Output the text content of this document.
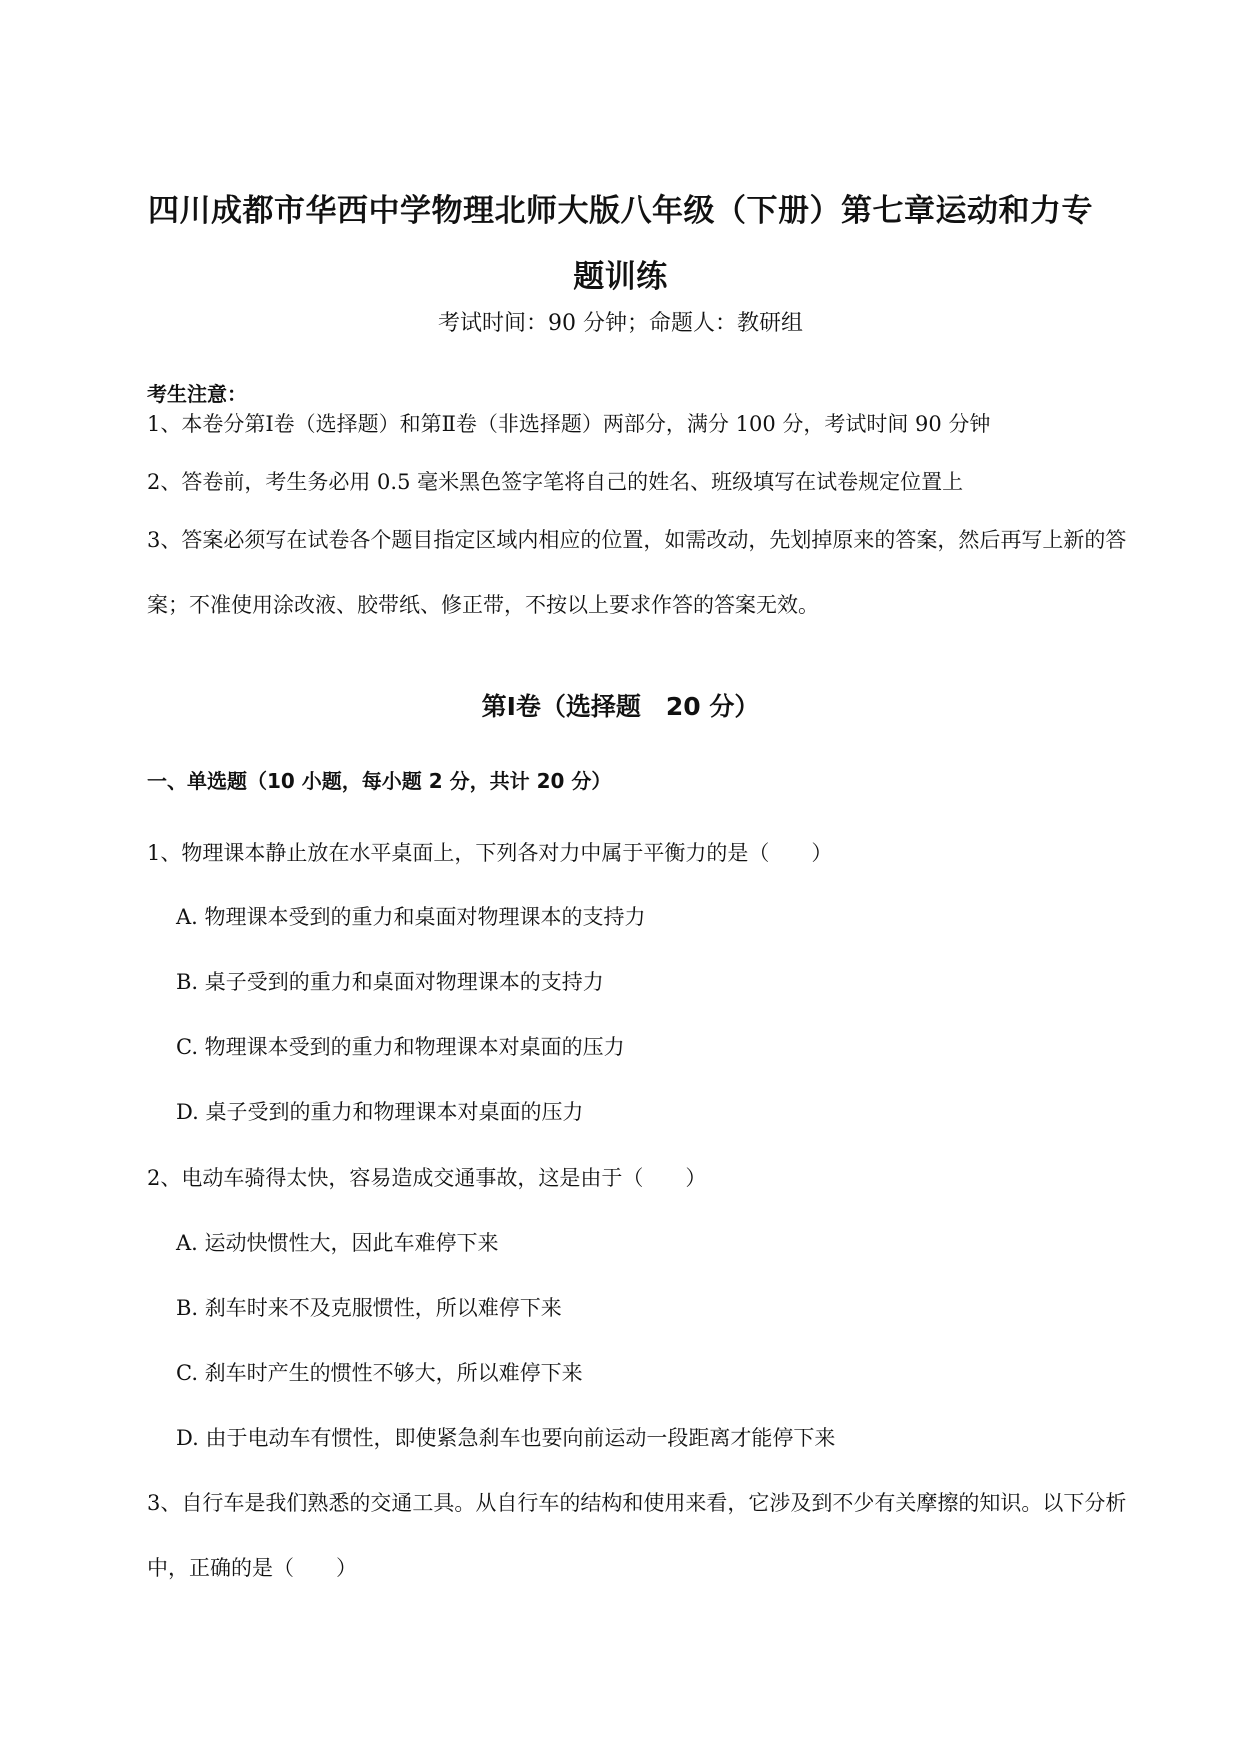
四川成都市华西中学物理北师大版八年级（下册）第七章运动和力专题训练
考试时间：90 分钟；命题人：教研组
考生注意：
1、本卷分第Ⅰ卷（选择题）和第Ⅱ卷（非选择题）两部分，满分 100 分，考试时间 90 分钟
2、答卷前，考生务必用 0.5 毫米黑色签字笔将自己的姓名、班级填写在试卷规定位置上
3、答案必须写在试卷各个题目指定区域内相应的位置，如需改动，先划掉原来的答案，然后再写上新的答案；不准使用涂改液、胶带纸、修正带，不按以上要求作答的答案无效。
第Ⅰ卷（选择题　20 分）
一、单选题（10 小题，每小题 2 分，共计 20 分）
1、物理课本静止放在水平桌面上，下列各对力中属于平衡力的是（　　）
A. 物理课本受到的重力和桌面对物理课本的支持力
B. 桌子受到的重力和桌面对物理课本的支持力
C. 物理课本受到的重力和物理课本对桌面的压力
D. 桌子受到的重力和物理课本对桌面的压力
2、电动车骑得太快，容易造成交通事故，这是由于（　　）
A. 运动快惯性大，因此车难停下来
B. 刹车时来不及克服惯性，所以难停下来
C. 刹车时产生的惯性不够大，所以难停下来
D. 由于电动车有惯性，即使紧急刹车也要向前运动一段距离才能停下来
3、自行车是我们熟悉的交通工具。从自行车的结构和使用来看，它涉及到不少有关摩擦的知识。以下分析中，正确的是（　　）
